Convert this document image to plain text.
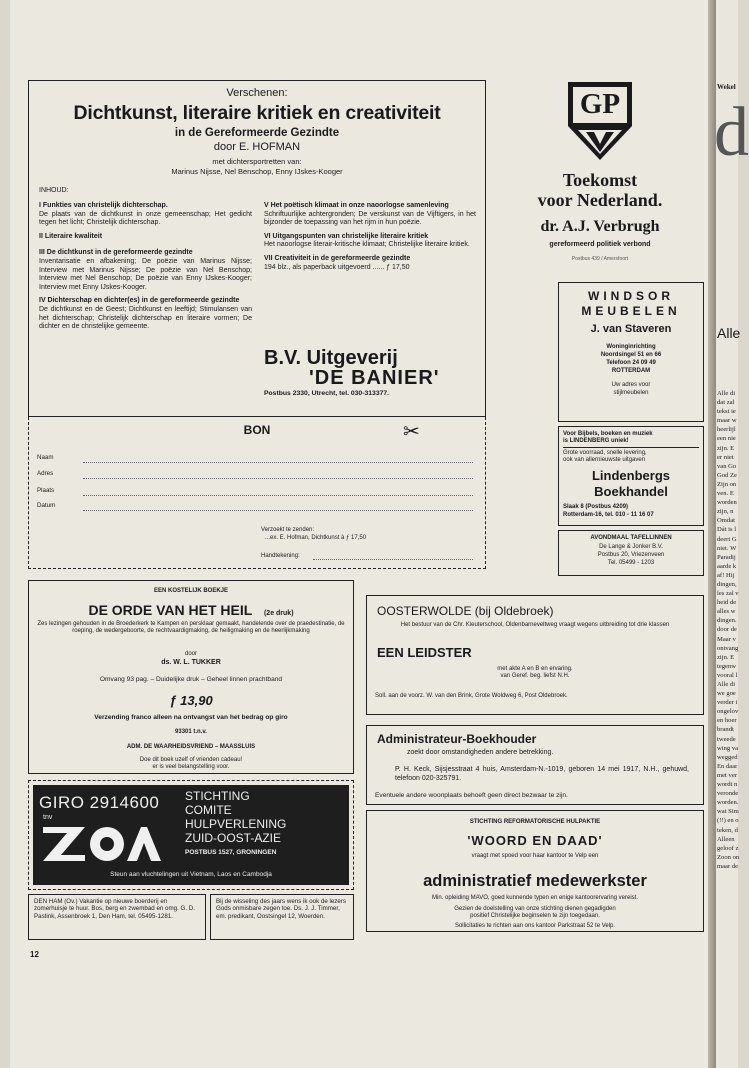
Verschenen:

Dichtkunst, literaire kritiek en creativiteit

in de Gereformeerde Gezindte

door E. HOFMAN

met dichtersportretten van:

Marinus Nijsse, Nel Benschop, Enny IJskes-Kooger

INHOUD:

I Funkties van christelijk dichterschap.

De plaats van de dichtkunst in onze gemeenschap; Het gedicht tegen het licht; Christelijk dichterschap.

II Literaire kwaliteit

III De dichtkunst in de gereformeerde gezindte

Inventarisatie en afbakening; De poëzie van Marinus Nijsse; Interview met Marinus Nijsse; De poëzie van Nel Benschop; Interview met Nel Benschop; De poëzie van Enny IJskes-Kooger; Interview met Enny IJskes-Kooger.

IV Dichterschap en dichter(es) in de gereformeerde gezindte

De dichtkunst en de Geest; Dichtkunst en leeftijd; Stimulansen van het dichterschap; Christelijk dichterschap en literaire vormen; De dichter en de christelijke gemeente.

V Het poëtisch klimaat in onze naoorlogse samenleving

Schriftuurlijke achtergronden; De verskunst van de Vijftigers, in het bijzonder de toepassing van het rijm in hun poëzie.

VI Uitgangspunten van christelijke literaire kritiek

Het naoorlogse literair-kritische klimaat; Christelijke literaire kritiek.

VII Creativiteit in de gereformeerde gezindte

194 blz., als paperback uitgevoerd ...... ƒ 17,50

B.V. Uitgeverij

'DE BANIER'

Postbus 2330, Utrecht, tel. 030-313377.

BON	✂
Naam
Adres
Plaats
Datum

Verzoekt te zenden:

...ex. E. Hofman, Dichtkunst à ƒ 17,50

Handtekening:

GP

Toekomst

voor Nederland.

dr. A.J. Verbrugh

gereformeerd politiek verbond

Postbus 439 / Amersfoort

WINDSOR

MEUBELEN

J. van Staveren

Woninginrichting

Noordsingel 51 en 66

Telefoon 24 09 49

ROTTERDAM

Uw adres voor

stijlmeubelen

Voor Bijbels, boeken en muziek

is LINDENBERG uniek!

Grote voorraad, snelle levering,

ook van allernieuwste uitgaven

Lindenbergs

Boekhandel

Slaak 8 (Postbus 4209)

Rotterdam-16, tel. 010 - 11 16 07

AVONDMAAL TAFELLINNEN

De Lange & Jonker B.V.

Postbus 20, Vriezenveen

Tel. 05499 - 1203

EEN KOSTELIJK BOEKJE

DE ORDE VAN HET HEIL (2e druk)

Zes lezingen gehouden in de Broederkerk te Kampen en persklaar gemaakt, handelende over de praedestinatie, de roeping, de wedergeboorte, de rechtvaardigmaking, de heiligmaking en de heerlijkmaking

door

ds. W. L. TUKKER

Omvang 93 pag. – Duidelijke druk – Geheel linnen prachtband

ƒ 13,90

Verzending franco alleen na ontvangst van het bedrag op giro

93301 t.n.v.

ADM. DE WAARHEIDSVRIEND – MAASSLUIS

Doe dit boek uzelf of vrienden cadeau!

er is veel belangstelling voor.

GIRO 2914600

tnv

STICHTING

COMITE

HULPVERLENING

ZUID-OOST-AZIE

POSTBUS 1527, GRONINGEN

Steun aan vluchtelingen uit Vietnam, Laos en Cambodja

DEN HAM (Ov.) Vakantie op nieuwe boerderij en zomerhuisje te huur. Bos, berg en zwembad en omg. G. D. Pastink, Assenbroek 1, Den Ham, tel. 05495-1281.

Bij de wisseling des jaars wens ik ook de lezers Gods onmisbare zegen toe. Ds. J. J. Timmer, em. predikant, Oostsingel 12, Woerden.

OOSTERWOLDE (bij Oldebroek)

Het bestuur van de Chr. Kleuterschool, Oldenbarneveltweg vraagt wegens uitbreiding tot drie klassen

EEN LEIDSTER

met akte A en B en ervaring.

van Geref. beg. liefst N.H.

Soll. aan de voorz. W. van den Brink, Grote Woldweg 6, Post Oldebroek.

Administrateur-Boekhouder

zoekt door omstandigheden andere betrekking.

P. H. Keck, Sijsjesstraat 4 huis, Amsterdam-N.-1019, geboren 14 mei 1917, N.H., gehuwd, telefoon 020-325791.

Eventuele andere woonplaats behoeft geen direct bezwaar te zijn.

STICHTING REFORMATORISCHE HULPAKTIE

'WOORD EN DAAD'

vraagt met spoed voor haar kantoor te Velp een

administratief medewerkster

Min. opleiding MAVO, goed kunnende typen en enige kantoorervaring vereist.

Gezien de doelstelling van onze stichting dienen gegadigden

positief Christelijke beginselen te zijn toegedaan.

Sollicitaties te richten aan ons kantoor Parkstraat 52 te Velp.

12

Wekel

d

Alle

Alle di

dat zal

tekst ie

maar w

heerlijl

een nie

zijn. E

er niet

van Go

God Ze

Zijn on

ven. E

worden

zijn, n

Omdat

Dát is l

deert G

niet. W

Paradij

aarde k

af! Hij

dingen,

les zal v

heid de

alles w

dingen.

door de

Maar v

ontvang

zijn. E

tegenw

vooral l

Alle di

we goe

verder i

ongelov

en hoer

brandt

tweede

wing va

wegged

En daar

met ver

wordt n

veronde

worden.

wat Sim

(!!) en o

teken, d

Alleen

geloof z

Zoon on

maar de
